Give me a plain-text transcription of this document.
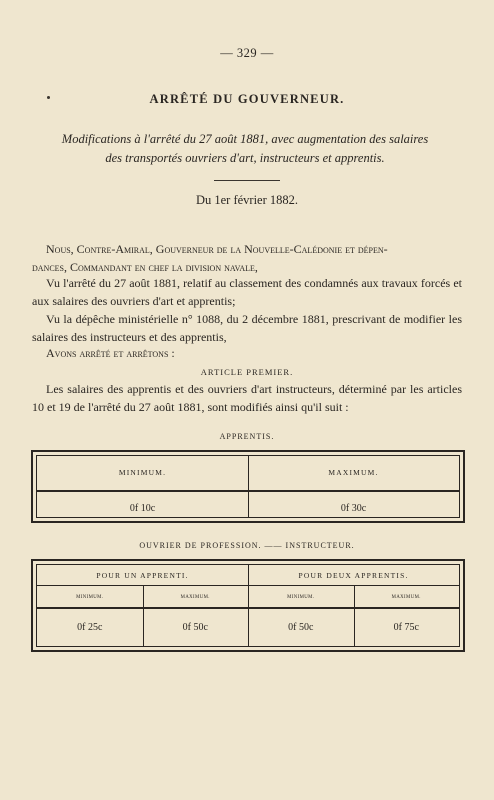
— 329 —
ARRÊTÉ DU GOUVERNEUR.
Modifications à l'arrêté du 27 août 1881, avec augmentation des salaires
des transportés ouvriers d'art, instructeurs et apprentis.
Du 1er février 1882.
Nous, Contre-Amiral, Gouverneur de la Nouvelle-Calédonie et dépen-
dances, Commandant en chef la division navale,
Vu l'arrêté du 27 août 1881, relatif au classement des condamnés aux travaux forcés et aux salaires des ouvriers d'art et apprentis;
Vu la dépêche ministérielle n° 1088, du 2 décembre 1881, prescrivant de modifier les salaires des instructeurs et des apprentis,
Avons arrêté et arrêtons :
ARTICLE PREMIER.
Les salaires des apprentis et des ouvriers d'art instructeurs, déterminé par les articles 10 et 19 de l'arrêté du 27 août 1881, sont modifiés ainsi qu'il suit :
APPRENTIS.
MINIMUM.	MAXIMUM.
0f 10c	0f 30c
OUVRIER DE PROFESSION. —— INSTRUCTEUR.
POUR UN APPRENTI.	POUR DEUX APPRENTIS.
MINIMUM.	MAXIMUM.	MINIMUM.	MAXIMUM.
0f 25c	0f 50c	0f 50c	0f 75c
